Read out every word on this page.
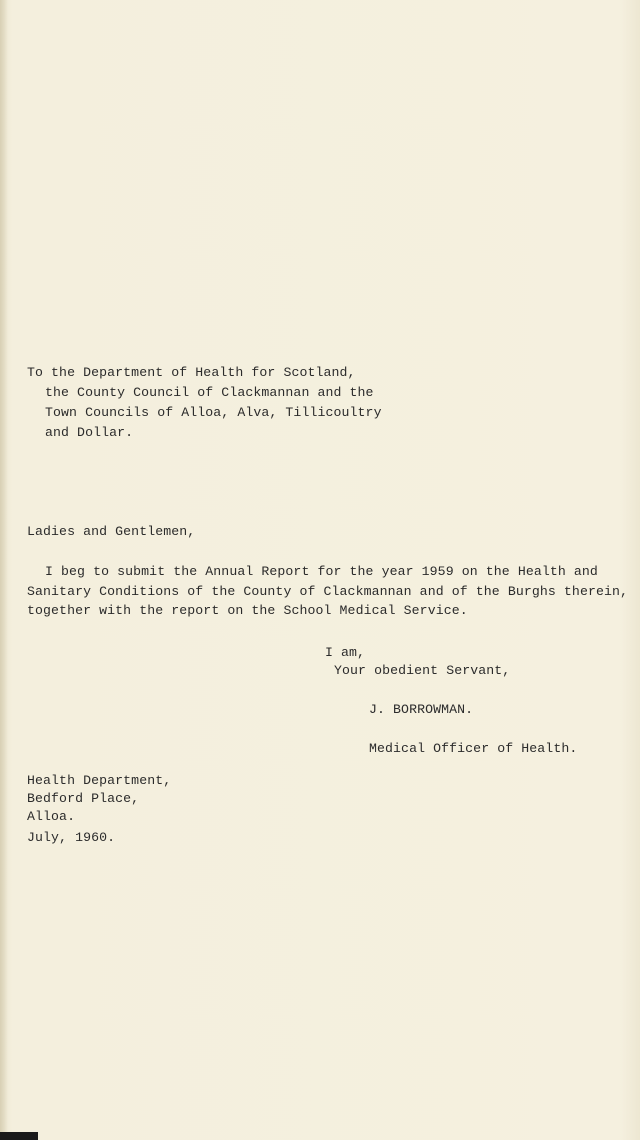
To the Department of Health for Scotland,
the County Council of Clackmannan and the
Town Councils of Alloa, Alva, Tillicoultry
and Dollar.
Ladies and Gentlemen,
I beg to submit the Annual Report for the year 1959 on the Health and
Sanitary Conditions of the County of Clackmannan and of the Burghs therein,
together with the report on the School Medical Service.
I am,
Your obedient Servant,
J. BORROWMAN.
Medical Officer of Health.
Health Department,
Bedford Place,
Alloa.
July, 1960.
